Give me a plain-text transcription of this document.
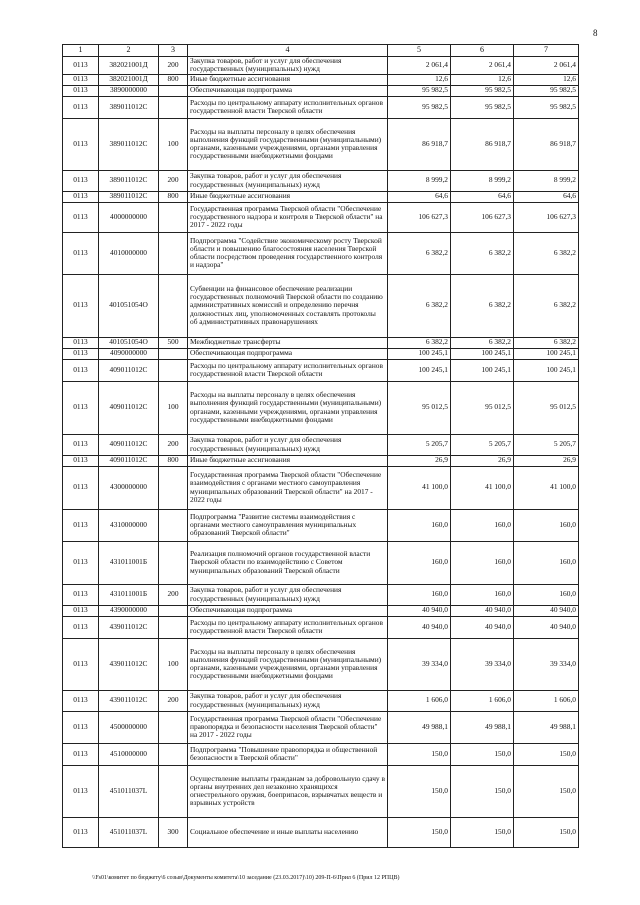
8
1	2	3	4	5	6	7
0113	382021001Д	200	Закупка товаров, работ и услуг для обеспечения государственных (муниципальных) нужд	2 061,4	2 061,4	2 061,4
0113	382021001Д	800	Иные бюджетные ассигнования	12,6	12,6	12,6
0113	3890000000		Обеспечивающая подпрограмма	95 982,5	95 982,5	95 982,5
0113	389011012С		Расходы по центральному аппарату исполнительных органов государственной власти Тверской области	95 982,5	95 982,5	95 982,5
0113	389011012С	100	Расходы на выплаты персоналу в целях обеспечения выполнения функций государственными (муниципальными) органами, казенными учреждениями, органами управления государственными внебюджетными фондами	86 918,7	86 918,7	86 918,7
0113	389011012С	200	Закупка товаров, работ и услуг для обеспечения государственных (муниципальных) нужд	8 999,2	8 999,2	8 999,2
0113	389011012С	800	Иные бюджетные ассигнования	64,6	64,6	64,6
0113	4000000000		Государственная программа Тверской области "Обеспечение государственного надзора и контроля в Тверской области" на 2017 - 2022 годы	106 627,3	106 627,3	106 627,3
0113	4010000000		Подпрограмма "Содействие экономическому росту Тверской области и повышению благосостояния населения Тверской области посредством проведения государственного контроля и надзора"	6 382,2	6 382,2	6 382,2
0113	401051054О		Субвенции на финансовое обеспечение реализации государственных полномочий Тверской области по созданию административных комиссий и определению перечня должностных лиц, уполномоченных составлять протоколы об административных правонарушениях	6 382,2	6 382,2	6 382,2
0113	401051054О	500	Межбюджетные трансферты	6 382,2	6 382,2	6 382,2
0113	4090000000		Обеспечивающая подпрограмма	100 245,1	100 245,1	100 245,1
0113	409011012С		Расходы по центральному аппарату исполнительных органов государственной власти Тверской области	100 245,1	100 245,1	100 245,1
0113	409011012С	100	Расходы на выплаты персоналу в целях обеспечения выполнения функций государственными (муниципальными) органами, казенными учреждениями, органами управления государственными внебюджетными фондами	95 012,5	95 012,5	95 012,5
0113	409011012С	200	Закупка товаров, работ и услуг для обеспечения государственных (муниципальных) нужд	5 205,7	5 205,7	5 205,7
0113	409011012С	800	Иные бюджетные ассигнования	26,9	26,9	26,9
0113	4300000000		Государственная программа Тверской области "Обеспечение взаимодействия с органами местного самоуправления муниципальных образований Тверской области" на 2017 - 2022 годы	41 100,0	41 100,0	41 100,0
0113	4310000000		Подпрограмма "Развитие системы взаимодействия с органами местного самоуправления муниципальных образований Тверской области"	160,0	160,0	160,0
0113	431011001Б		Реализация полномочий органов государственной власти Тверской области по взаимодействию с Советом муниципальных образований Тверской области	160,0	160,0	160,0
0113	431011001Б	200	Закупка товаров, работ и услуг для обеспечения государственных (муниципальных) нужд	160,0	160,0	160,0
0113	4390000000		Обеспечивающая подпрограмма	40 940,0	40 940,0	40 940,0
0113	439011012С		Расходы по центральному аппарату исполнительных органов государственной власти Тверской области	40 940,0	40 940,0	40 940,0
0113	439011012С	100	Расходы на выплаты персоналу в целях обеспечения выполнения функций государственными (муниципальными) органами, казенными учреждениями, органами управления государственными внебюджетными фондами	39 334,0	39 334,0	39 334,0
0113	439011012С	200	Закупка товаров, работ и услуг для обеспечения государственных (муниципальных) нужд	1 606,0	1 606,0	1 606,0
0113	4500000000		Государственная программа Тверской области "Обеспечение правопорядка и безопасности населения Тверской области" на 2017 - 2022 годы	49 988,1	49 988,1	49 988,1
0113	4510000000		Подпрограмма "Повышение правопорядка и общественной безопасности в Тверской области"	150,0	150,0	150,0
0113	451011037L		Осуществление выплаты гражданам за добровольную сдачу в органы внутренних дел незаконно хранящихся огнестрельного оружия, боеприпасов, взрывчатых веществ и взрывных устройств	150,0	150,0	150,0
0113	451011037L	300	Социальное обеспечение и иные выплаты населению	150,0	150,0	150,0
\\Fs01\комитет по бюджету\6 созыв\Документы комитета\10 заседание (23.03.2017)\10) 209-П-6\Прил 6 (Прил 12 РПЦВ)
